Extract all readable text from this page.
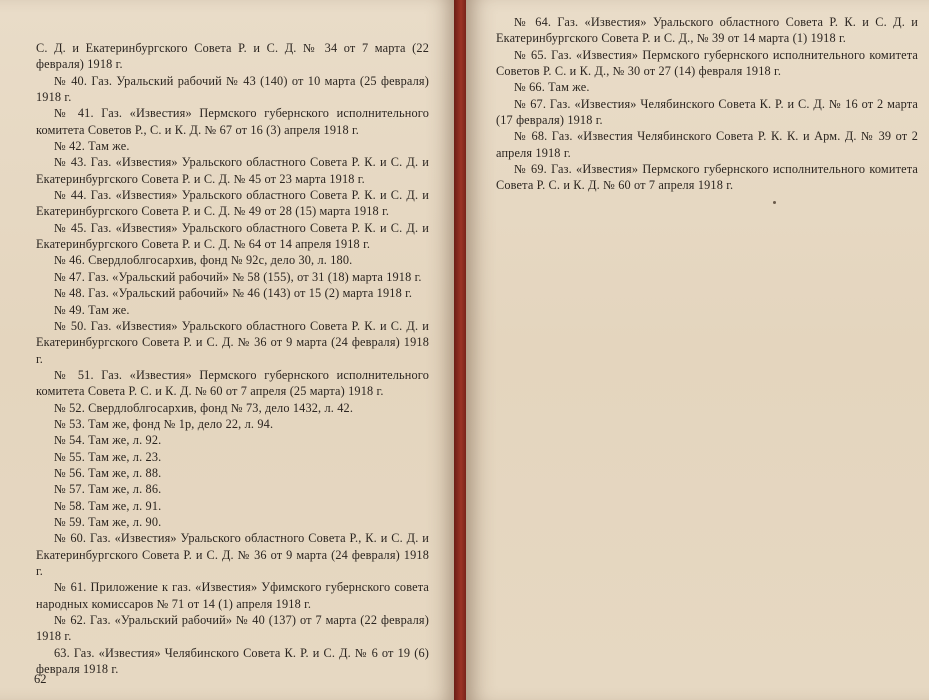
С. Д. и Екатеринбургского Совета Р. и С. Д. № 34 от 7 марта (22 февраля) 1918 г.

№ 40. Газ. Уральский рабочий № 43 (140) от 10 марта (25 февраля) 1918 г.

№ 41. Газ. «Известия» Пермского губернского исполнительного комитета Советов Р., С. и К. Д. № 67 от 16 (3) апреля 1918 г.

№ 42. Там же.

№ 43. Газ. «Известия» Уральского областного Совета Р. К. и С. Д. и Екатеринбургского Совета Р. и С. Д. № 45 от 23 марта 1918 г.

№ 44. Газ. «Известия» Уральского областного Совета Р. К. и С. Д. и Екатеринбургского Совета Р. и С. Д. № 49 от 28 (15) марта 1918 г.

№ 45. Газ. «Известия» Уральского областного Совета Р. К. и С. Д. и Екатеринбургского Совета Р. и С. Д. № 64 от 14 апреля 1918 г.

№ 46. Свердлоблгосархив, фонд № 92с, дело 30, л. 180.

№ 47. Газ. «Уральский рабочий» № 58 (155), от 31 (18) марта 1918 г.

№ 48. Газ. «Уральский рабочий» № 46 (143) от 15 (2) марта 1918 г.

№ 49. Там же.

№ 50. Газ. «Известия» Уральского областного Совета Р. К. и С. Д. и Екатеринбургского Совета Р. и С. Д. № 36 от 9 марта (24 февраля) 1918 г.

№ 51. Газ. «Известия» Пермского губернского исполнительного комитета Совета Р. С. и К. Д. № 60 от 7 апреля (25 марта) 1918 г.

№ 52. Свердлоблгосархив, фонд № 73, дело 1432, л. 42.

№ 53. Там же, фонд № 1р, дело 22, л. 94.

№ 54. Там же, л. 92.

№ 55. Там же, л. 23.

№ 56. Там же, л. 88.

№ 57. Там же, л. 86.

№ 58. Там же, л. 91.

№ 59. Там же, л. 90.

№ 60. Газ. «Известия» Уральского областного Совета Р., К. и С. Д. и Екатеринбургского Совета Р. и С. Д. № 36 от 9 марта (24 февраля) 1918 г.

№ 61. Приложение к газ. «Известия» Уфимского губернского совета народных комиссаров № 71 от 14 (1) апреля 1918 г.

№ 62. Газ. «Уральский рабочий» № 40 (137) от 7 марта (22 февраля) 1918 г.

63. Газ. «Известия» Челябинского Совета К. Р. и С. Д. № 6 от 19 (6) февраля 1918 г.

62

№ 64. Газ. «Известия» Уральского областного Совета Р. К. и С. Д. и Екатеринбургского Совета Р. и С. Д., № 39 от 14 марта (1) 1918 г.

№ 65. Газ. «Известия» Пермского губернского исполнительного комитета Советов Р. С. и К. Д., № 30 от 27 (14) февраля 1918 г.

№ 66. Там же.

№ 67. Газ. «Известия» Челябинского Совета К. Р. и С. Д. № 16 от 2 марта (17 февраля) 1918 г.

№ 68. Газ. «Известия Челябинского Совета Р. К. К. и Арм. Д. № 39 от 2 апреля 1918 г.

№ 69. Газ. «Известия» Пермского губернского исполнительного комитета Совета Р. С. и К. Д. № 60 от 7 апреля 1918 г.
